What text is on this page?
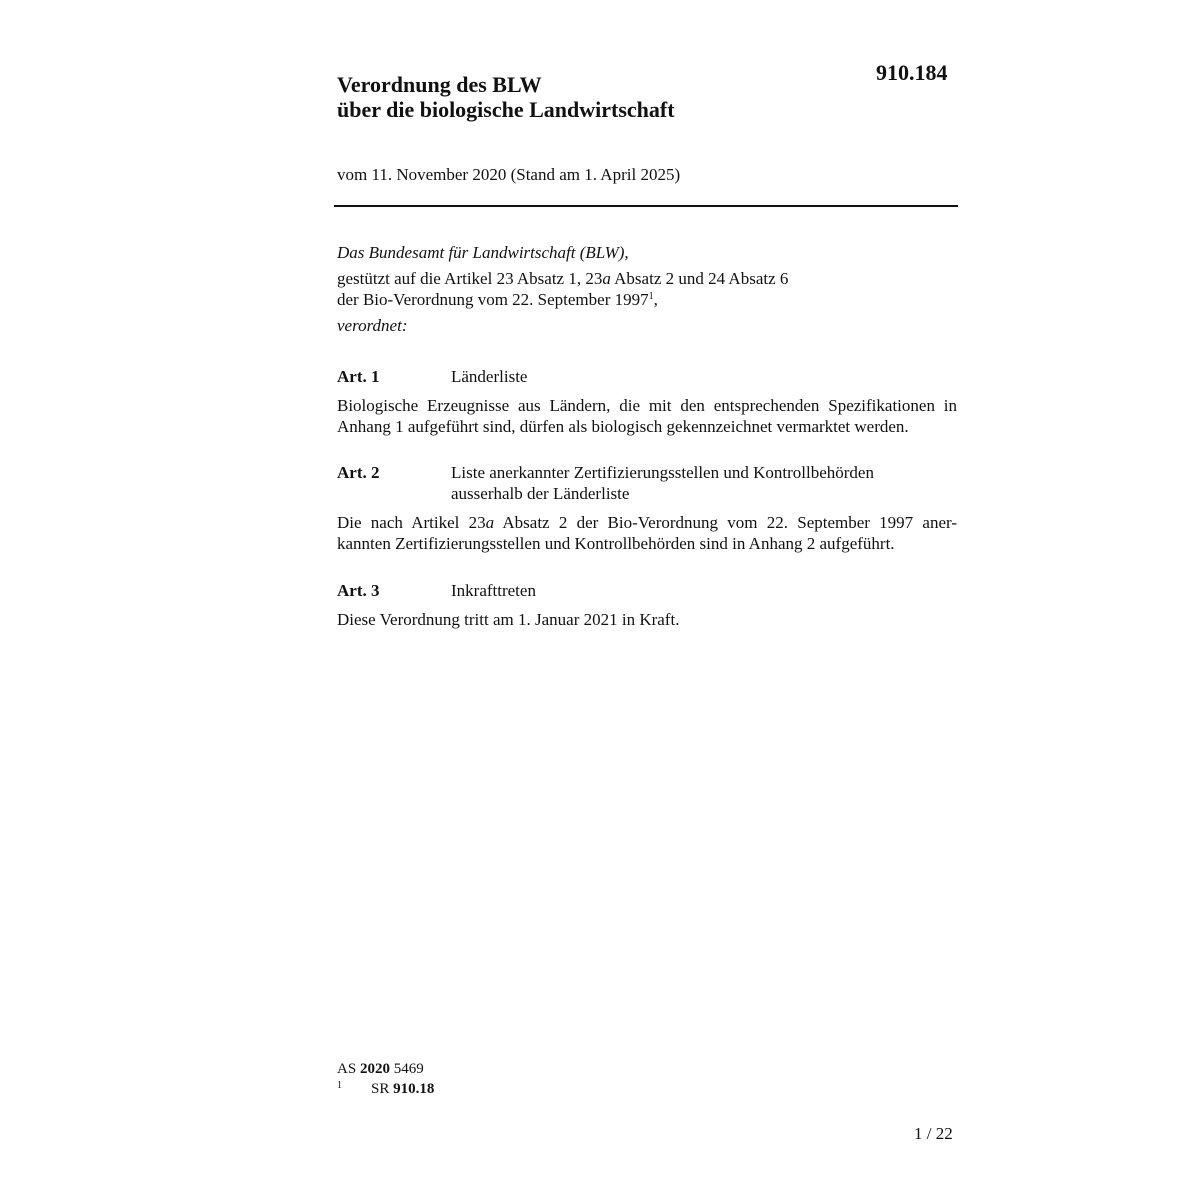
910.184
Verordnung des BLW
über die biologische Landwirtschaft
vom 11. November 2020 (Stand am 1. April 2025)
Das Bundesamt für Landwirtschaft (BLW),
gestützt auf die Artikel 23 Absatz 1, 23a Absatz 2 und 24 Absatz 6
der Bio-Verordnung vom 22. September 1997$^1$,
verordnet:
Art. 1	Länderliste
Biologische Erzeugnisse aus Ländern, die mit den entsprechenden Spezifikationen in
Anhang 1 aufgeführt sind, dürfen als biologisch gekennzeichnet vermarktet werden.
Art. 2	Liste anerkannter Zertifizierungsstellen und Kontrollbehörden
ausserhalb der Länderliste
Die nach Artikel 23a Absatz 2 der Bio-Verordnung vom 22. September 1997 aner-
kannten Zertifizierungsstellen und Kontrollbehörden sind in Anhang 2 aufgeführt.
Art. 3	Inkrafttreten
Diese Verordnung tritt am 1. Januar 2021 in Kraft.
AS 2020 5469
1 SR 910.18
1 / 22
